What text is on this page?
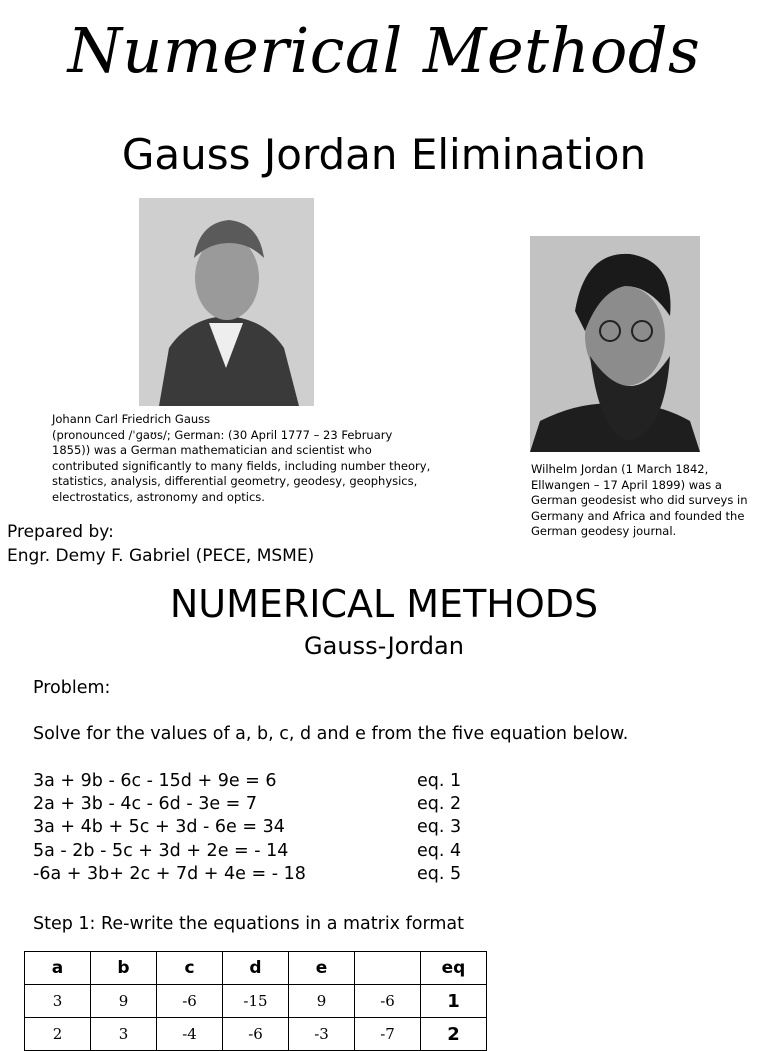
Numerical Methods
Gauss Jordan Elimination
Johann Carl Friedrich Gauss
(pronounced /ˈɡaʊs/; German: (30 April 1777 – 23 February
1855)) was a German mathematician and scientist who
contributed significantly to many fields, including number theory,
statistics, analysis, differential geometry, geodesy, geophysics,
electrostatics, astronomy and optics.
Wilhelm Jordan (1 March 1842,
Ellwangen – 17 April 1899) was a
German geodesist who did surveys in
Germany and Africa and founded the
German geodesy journal.
Prepared by:
Engr. Demy F. Gabriel (PECE, MSME)
NUMERICAL METHODS
Gauss-Jordan
Problem:
Solve for the values of a, b, c, d and e from the five equation below.
3a + 9b - 6c - 15d + 9e = 6	eq. 1
2a + 3b - 4c - 6d - 3e = 7	eq. 2
3a + 4b + 5c + 3d - 6e = 34	eq. 3
5a - 2b - 5c + 3d + 2e = - 14	eq. 4
-6a + 3b+ 2c + 7d + 4e = - 18	eq. 5
Step 1: Re-write the equations in a matrix format
a	b	c	d	e		eq
3	9	-6	-15	9	-6	1
2	3	-4	-6	-3	-7	2
